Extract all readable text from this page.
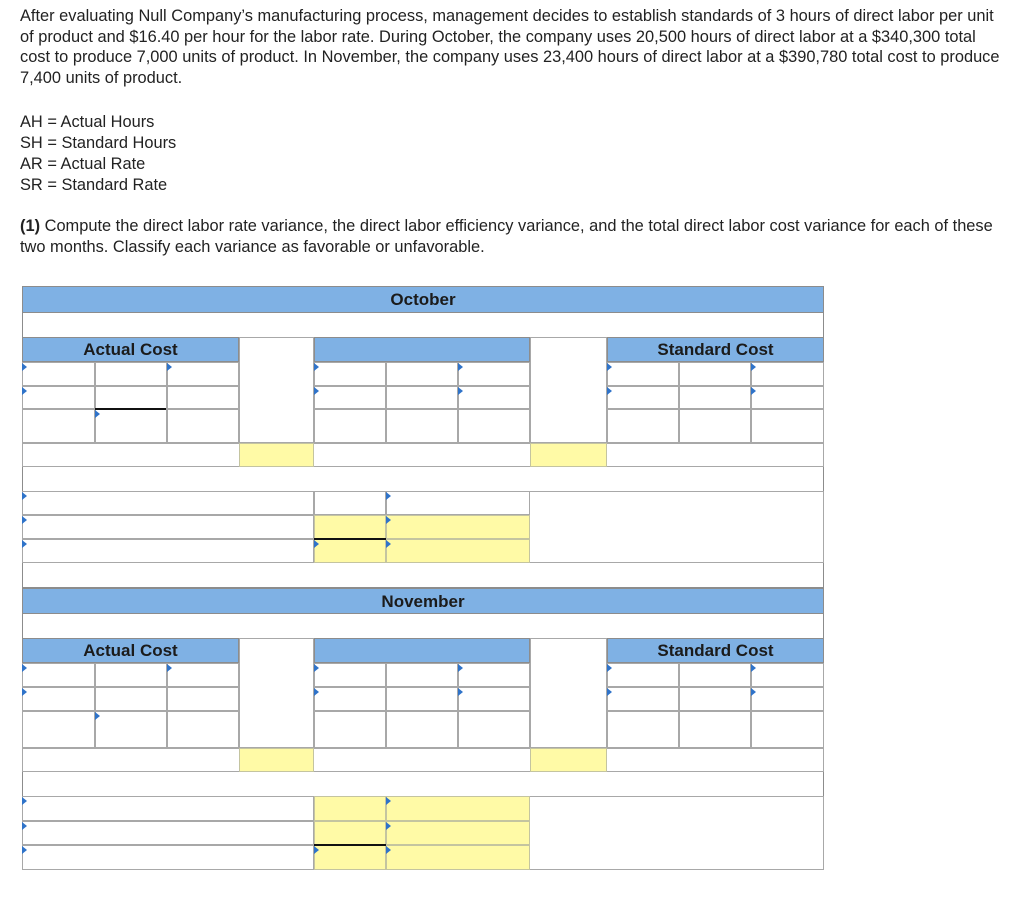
After evaluating Null Company’s manufacturing process, management decides to establish standards of 3 hours of direct labor per unit of product and $16.40 per hour for the labor rate. During October, the company uses 20,500 hours of direct labor at a $340,300 total cost to produce 7,000 units of product. In November, the company uses 23,400 hours of direct labor at a $390,780 total cost to produce 7,400 units of product.
AH = Actual Hours
SH = Standard Hours
AR = Actual Rate
SR = Standard Rate
(1) Compute the direct labor rate variance, the direct labor efficiency variance, and the total direct labor cost variance for each of these two months. Classify each variance as favorable or unfavorable.
October
Actual Cost	Standard Cost
November
Actual Cost	Standard Cost
